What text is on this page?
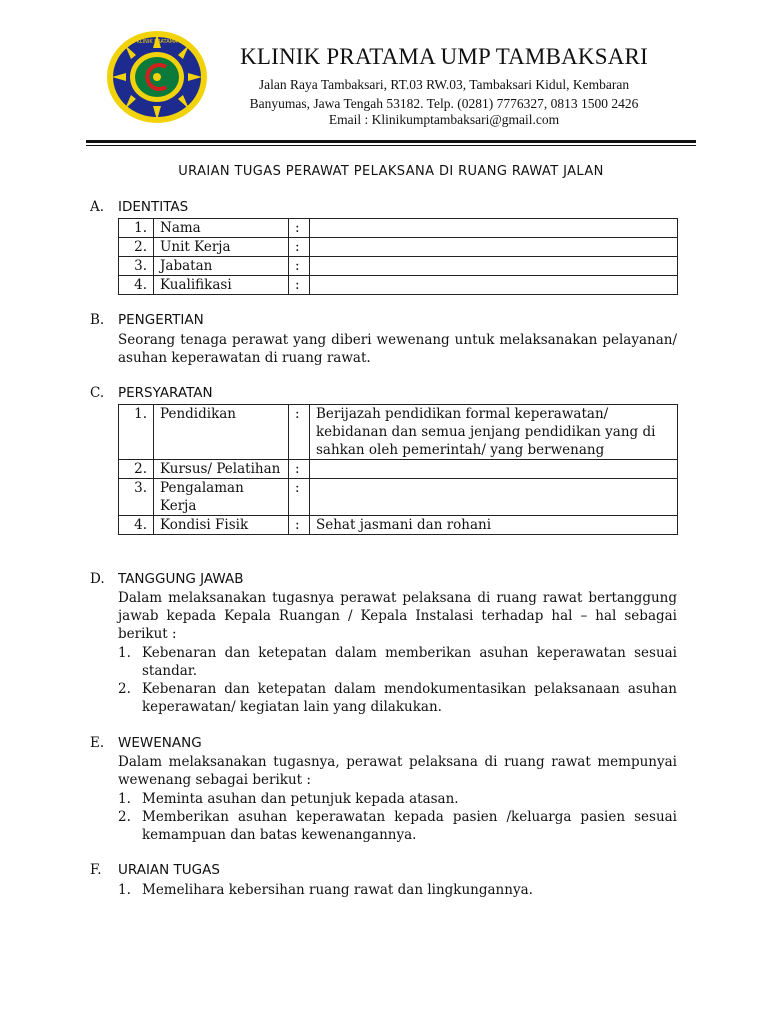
KLINIK PRATAMA
KLINIK PRATAMA UMP TAMBAKSARI
Jalan Raya Tambaksari, RT.03 RW.03, Tambaksari Kidul, Kembaran
Banyumas, Jawa Tengah 53182. Telp. (0281) 7776327, 0813 1500 2426
Email : Klinikumptambaksari@gmail.com
URAIAN TUGAS PERAWAT PELAKSANA DI RUANG RAWAT JALAN
A. IDENTITAS
1.	Nama	:	
2.	Unit Kerja	:	
3.	Jabatan	:	
4.	Kualifikasi	:	
B. PENGERTIAN
Seorang tenaga perawat yang diberi wewenang untuk melaksanakan pelayanan/ asuhan keperawatan di ruang rawat.
C. PERSYARATAN
1.	Pendidikan	:	Berijazah pendidikan formal keperawatan/ kebidanan dan semua jenjang pendidikan yang di sahkan oleh pemerintah/ yang berwenang
2.	Kursus/ Pelatihan	:	
3.	Pengalaman Kerja	:	
4.	Kondisi Fisik	:	Sehat jasmani dan rohani
D. TANGGUNG JAWAB
Dalam melaksanakan tugasnya perawat pelaksana di ruang rawat bertanggung jawab kepada Kepala Ruangan / Kepala Instalasi terhadap hal – hal sebagai berikut :
1. Kebenaran dan ketepatan dalam memberikan asuhan keperawatan sesuai standar.
2. Kebenaran dan ketepatan dalam mendokumentasikan pelaksanaan asuhan keperawatan/ kegiatan lain yang dilakukan.
E. WEWENANG
Dalam melaksanakan tugasnya, perawat pelaksana di ruang rawat mempunyai wewenang sebagai berikut :
1. Meminta asuhan dan petunjuk kepada atasan.
2. Memberikan asuhan keperawatan kepada pasien /keluarga pasien sesuai kemampuan dan batas kewenangannya.
F. URAIAN TUGAS
1. Memelihara kebersihan ruang rawat dan lingkungannya.
